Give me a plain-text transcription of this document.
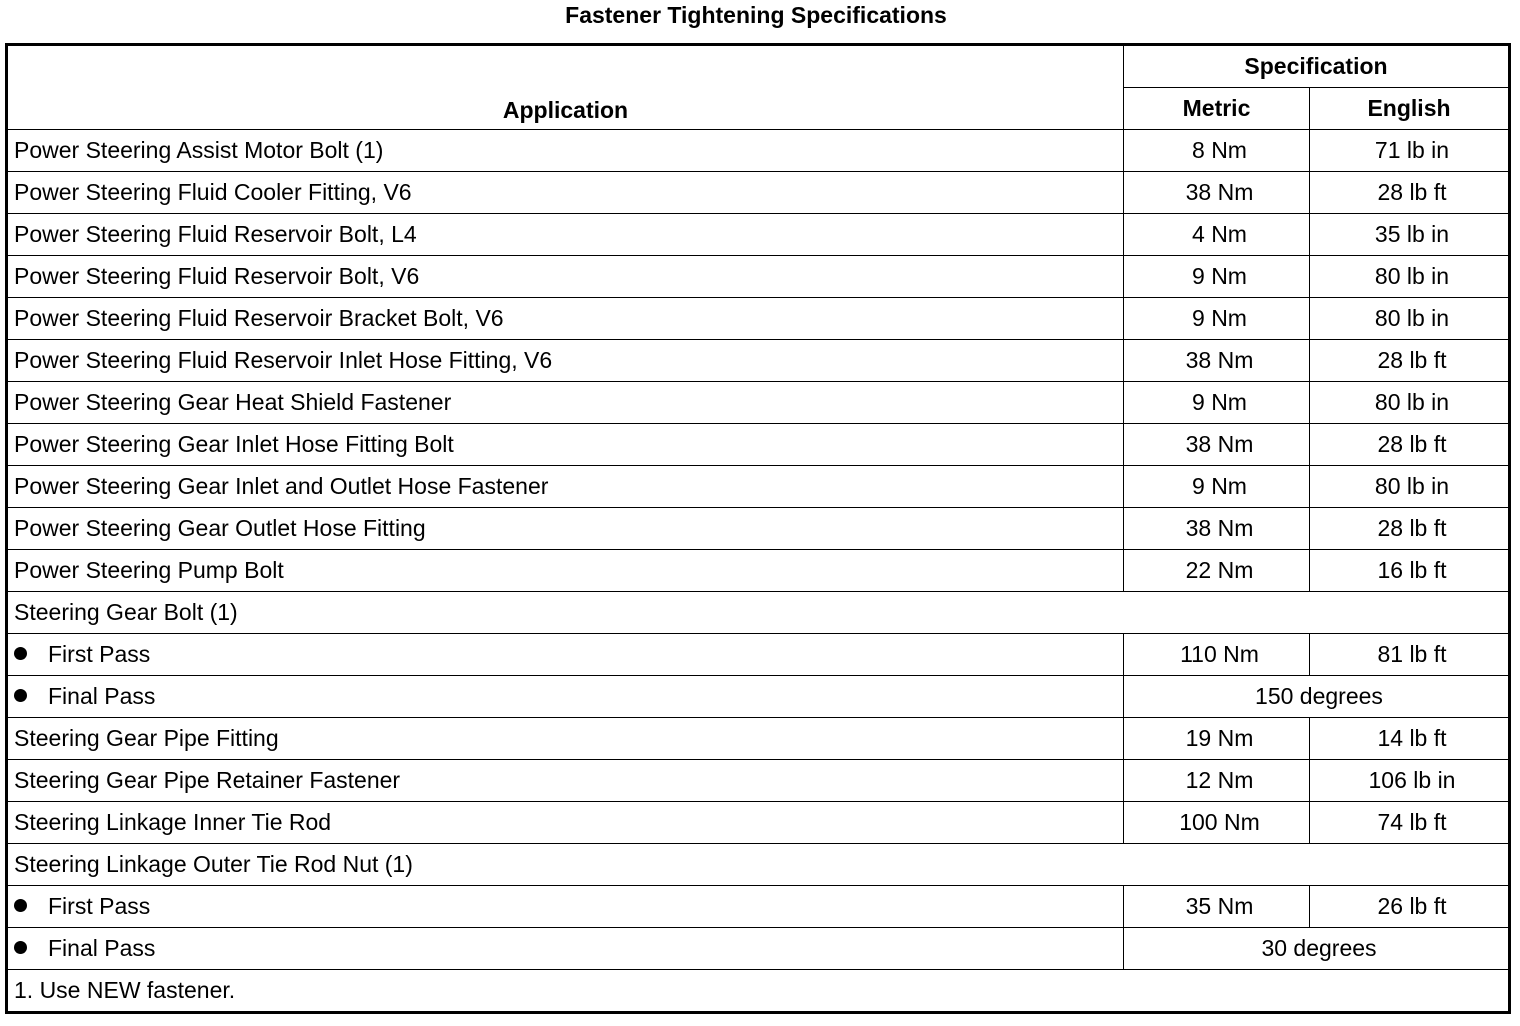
Fastener Tightening Specifications
Application	Specification	
	Metric	English
Power Steering Assist Motor Bolt (1)	8 Nm	71 lb in
Power Steering Fluid Cooler Fitting, V6	38 Nm	28 lb ft
Power Steering Fluid Reservoir Bolt, L4	4 Nm	35 lb in
Power Steering Fluid Reservoir Bolt, V6	9 Nm	80 lb in
Power Steering Fluid Reservoir Bracket Bolt, V6	9 Nm	80 lb in
Power Steering Fluid Reservoir Inlet Hose Fitting, V6	38 Nm	28 lb ft
Power Steering Gear Heat Shield Fastener	9 Nm	80 lb in
Power Steering Gear Inlet Hose Fitting Bolt	38 Nm	28 lb ft
Power Steering Gear Inlet and Outlet Hose Fastener	9 Nm	80 lb in
Power Steering Gear Outlet Hose Fitting	38 Nm	28 lb ft
Power Steering Pump Bolt	22 Nm	16 lb ft
Steering Gear Bolt (1)		
First Pass	110 Nm	81 lb ft
Final Pass	150 degrees	
Steering Gear Pipe Fitting	19 Nm	14 lb ft
Steering Gear Pipe Retainer Fastener	12 Nm	106 lb in
Steering Linkage Inner Tie Rod	100 Nm	74 lb ft
Steering Linkage Outer Tie Rod Nut (1)		
First Pass	35 Nm	26 lb ft
Final Pass	30 degrees	
1. Use NEW fastener.		
